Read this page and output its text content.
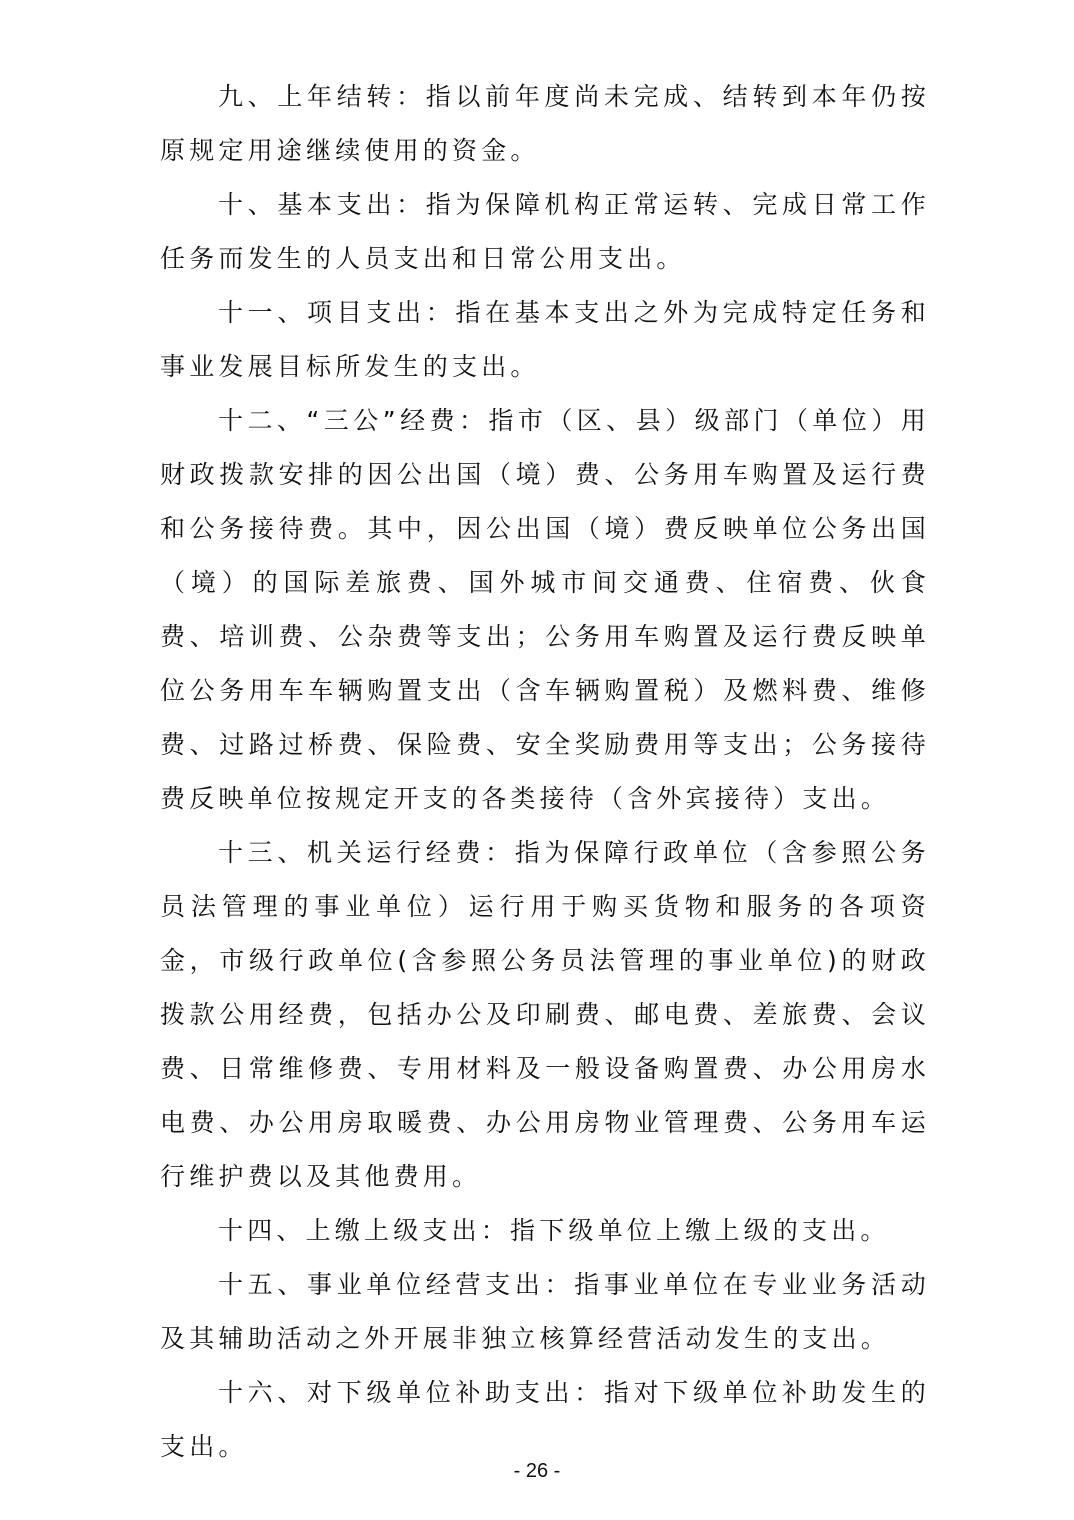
九、上年结转：指以前年度尚未完成、结转到本年仍按原规定用途继续使用的资金。

十、基本支出：指为保障机构正常运转、完成日常工作任务而发生的人员支出和日常公用支出。

十一、项目支出：指在基本支出之外为完成特定任务和事业发展目标所发生的支出。

十二、“三公”经费：指市（区、县）级部门（单位）用财政拨款安排的因公出国（境）费、公务用车购置及运行费和公务接待费。其中，因公出国（境）费反映单位公务出国（境）的国际差旅费、国外城市间交通费、住宿费、伙食费、培训费、公杂费等支出；公务用车购置及运行费反映单位公务用车车辆购置支出（含车辆购置税）及燃料费、维修费、过路过桥费、保险费、安全奖励费用等支出；公务接待费反映单位按规定开支的各类接待（含外宾接待）支出。

十三、机关运行经费：指为保障行政单位（含参照公务员法管理的事业单位）运行用于购买货物和服务的各项资金，市级行政单位(含参照公务员法管理的事业单位)的财政拨款公用经费，包括办公及印刷费、邮电费、差旅费、会议费、日常维修费、专用材料及一般设备购置费、办公用房水电费、办公用房取暖费、办公用房物业管理费、公务用车运行维护费以及其他费用。

十四、上缴上级支出：指下级单位上缴上级的支出。

十五、事业单位经营支出：指事业单位在专业业务活动及其辅助活动之外开展非独立核算经营活动发生的支出。

十六、对下级单位补助支出：指对下级单位补助发生的支出。

- 26 -
